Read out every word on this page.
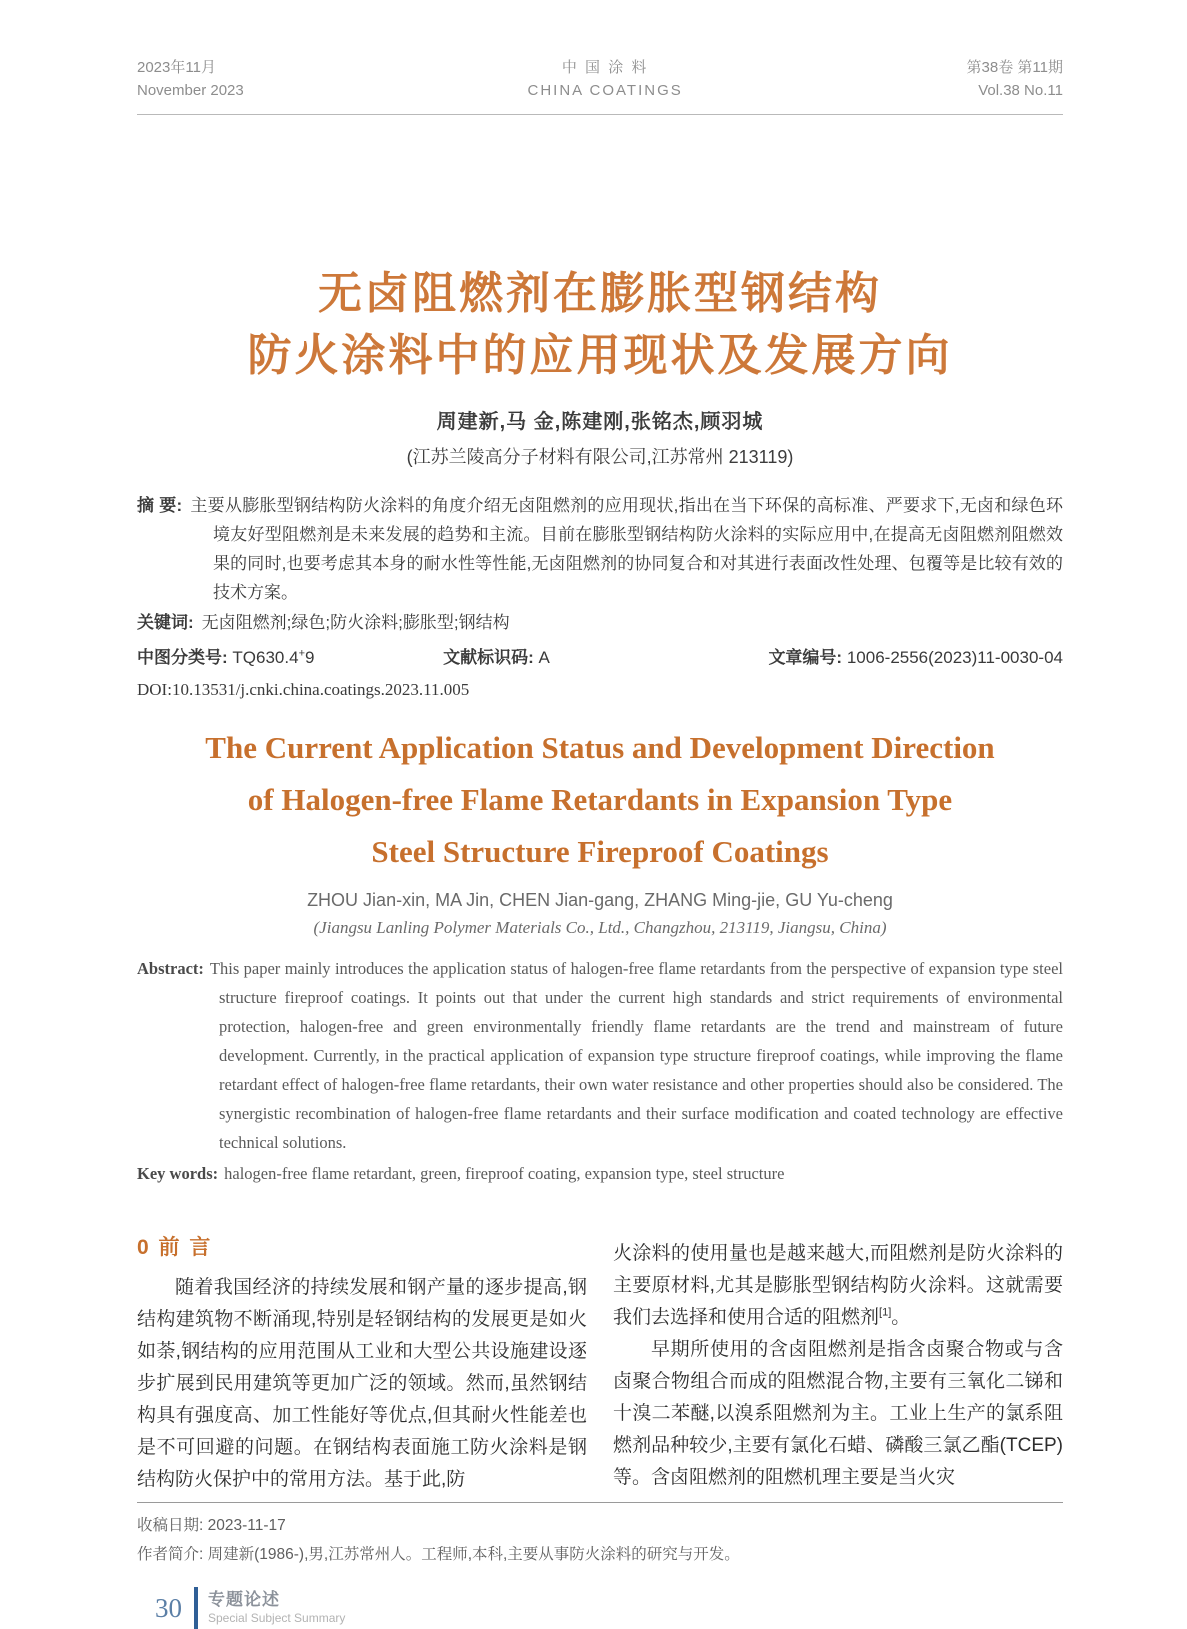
2023年11月
November 2023
中 国 涂 料
CHINA COATINGS
第38卷 第11期
Vol.38 No.11
无卤阻燃剂在膨胀型钢结构
防火涂料中的应用现状及发展方向
周建新,马 金,陈建刚,张铭杰,顾羽城
(江苏兰陵高分子材料有限公司,江苏常州 213119)

摘 要: 主要从膨胀型钢结构防火涂料的角度介绍无卤阻燃剂的应用现状,指出在当下环保的高标准、严要求下,无卤和绿色环境友好型阻燃剂是未来发展的趋势和主流。目前在膨胀型钢结构防火涂料的实际应用中,在提高无卤阻燃剂阻燃效果的同时,也要考虑其本身的耐水性等性能,无卤阻燃剂的协同复合和对其进行表面改性处理、包覆等是比较有效的技术方案。

关键词: 无卤阻燃剂;绿色;防火涂料;膨胀型;钢结构
中图分类号: TQ630.4+9	文献标识码: A	文章编号: 1006-2556(2023)11-0030-04
DOI:10.13531/j.cnki.china.coatings.2023.11.005
The Current Application Status and Development Direction
of Halogen-free Flame Retardants in Expansion Type
Steel Structure Fireproof Coatings
ZHOU Jian-xin, MA Jin, CHEN Jian-gang, ZHANG Ming-jie, GU Yu-cheng
(Jiangsu Lanling Polymer Materials Co., Ltd., Changzhou, 213119, Jiangsu, China)

Abstract: This paper mainly introduces the application status of halogen-free flame retardants from the perspective of expansion type steel structure fireproof coatings. It points out that under the current high standards and strict requirements of environmental protection, halogen-free and green environmentally friendly flame retardants are the trend and mainstream of future development. Currently, in the practical application of expansion type structure fireproof coatings, while improving the flame retardant effect of halogen-free flame retardants, their own water resistance and other properties should also be considered. The synergistic recombination of halogen-free flame retardants and their surface modification and coated technology are effective technical solutions.

Key words: halogen-free flame retardant, green, fireproof coating, expansion type, steel structure
0 前 言

随着我国经济的持续发展和钢产量的逐步提高,钢结构建筑物不断涌现,特别是轻钢结构的发展更是如火如荼,钢结构的应用范围从工业和大型公共设施建设逐步扩展到民用建筑等更加广泛的领域。然而,虽然钢结构具有强度高、加工性能好等优点,但其耐火性能差也是不可回避的问题。在钢结构表面施工防火涂料是钢结构防火保护中的常用方法。基于此,防

火涂料的使用量也是越来越大,而阻燃剂是防火涂料的主要原材料,尤其是膨胀型钢结构防火涂料。这就需要我们去选择和使用合适的阻燃剂[1]。

早期所使用的含卤阻燃剂是指含卤聚合物或与含卤聚合物组合而成的阻燃混合物,主要有三氧化二锑和十溴二苯醚,以溴系阻燃剂为主。工业上生产的氯系阻燃剂品种较少,主要有氯化石蜡、磷酸三氯乙酯(TCEP)等。含卤阻燃剂的阻燃机理主要是当火灾

收稿日期: 2023-11-17
作者简介: 周建新(1986-),男,江苏常州人。工程师,本科,主要从事防火涂料的研究与开发。
30 专题论述
Special Subject Summary
